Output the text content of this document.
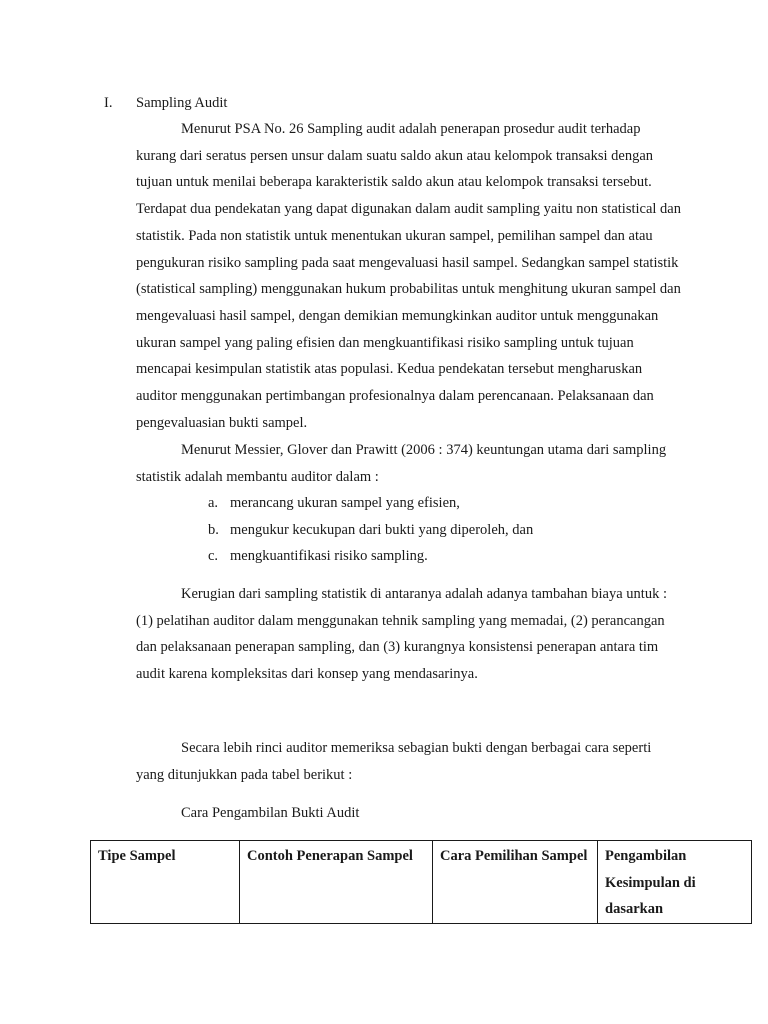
I. Sampling Audit

Menurut PSA No. 26 Sampling audit adalah penerapan prosedur audit terhadap kurang dari seratus persen unsur dalam suatu saldo akun atau kelompok transaksi dengan tujuan untuk menilai beberapa karakteristik saldo akun atau kelompok transaksi tersebut. Terdapat dua pendekatan yang dapat digunakan dalam audit sampling yaitu non statistical dan statistik. Pada non statistik untuk menentukan ukuran sampel, pemilihan sampel dan atau pengukuran risiko sampling pada saat mengevaluasi hasil sampel. Sedangkan sampel statistik (statistical sampling) menggunakan hukum probabilitas untuk menghitung ukuran sampel dan mengevaluasi hasil sampel, dengan demikian memungkinkan auditor untuk menggunakan ukuran sampel yang paling efisien dan mengkuantifikasi risiko sampling untuk tujuan mencapai kesimpulan statistik atas populasi. Kedua pendekatan tersebut mengharuskan auditor menggunakan pertimbangan profesionalnya dalam perencanaan. Pelaksanaan dan pengevaluasian bukti sampel.

Menurut Messier, Glover dan Prawitt (2006 : 374) keuntungan utama dari sampling statistik adalah membantu auditor dalam :

a. merancang ukuran sampel yang efisien,
b. mengukur kecukupan dari bukti yang diperoleh, dan
c. mengkuantifikasi risiko sampling.

Kerugian dari sampling statistik di antaranya adalah adanya tambahan biaya untuk : (1) pelatihan auditor dalam menggunakan tehnik sampling yang memadai, (2) perancangan dan pelaksanaan penerapan sampling, dan (3) kurangnya konsistensi penerapan antara tim audit karena kompleksitas dari konsep yang mendasarinya.

Secara lebih rinci auditor memeriksa sebagian bukti dengan berbagai cara seperti yang ditunjukkan pada tabel berikut :

Cara Pengambilan Bukti Audit
Tipe Sampel	Contoh Penerapan Sampel	Cara Pemilihan Sampel	Pengambilan Kesimpulan di dasarkan
